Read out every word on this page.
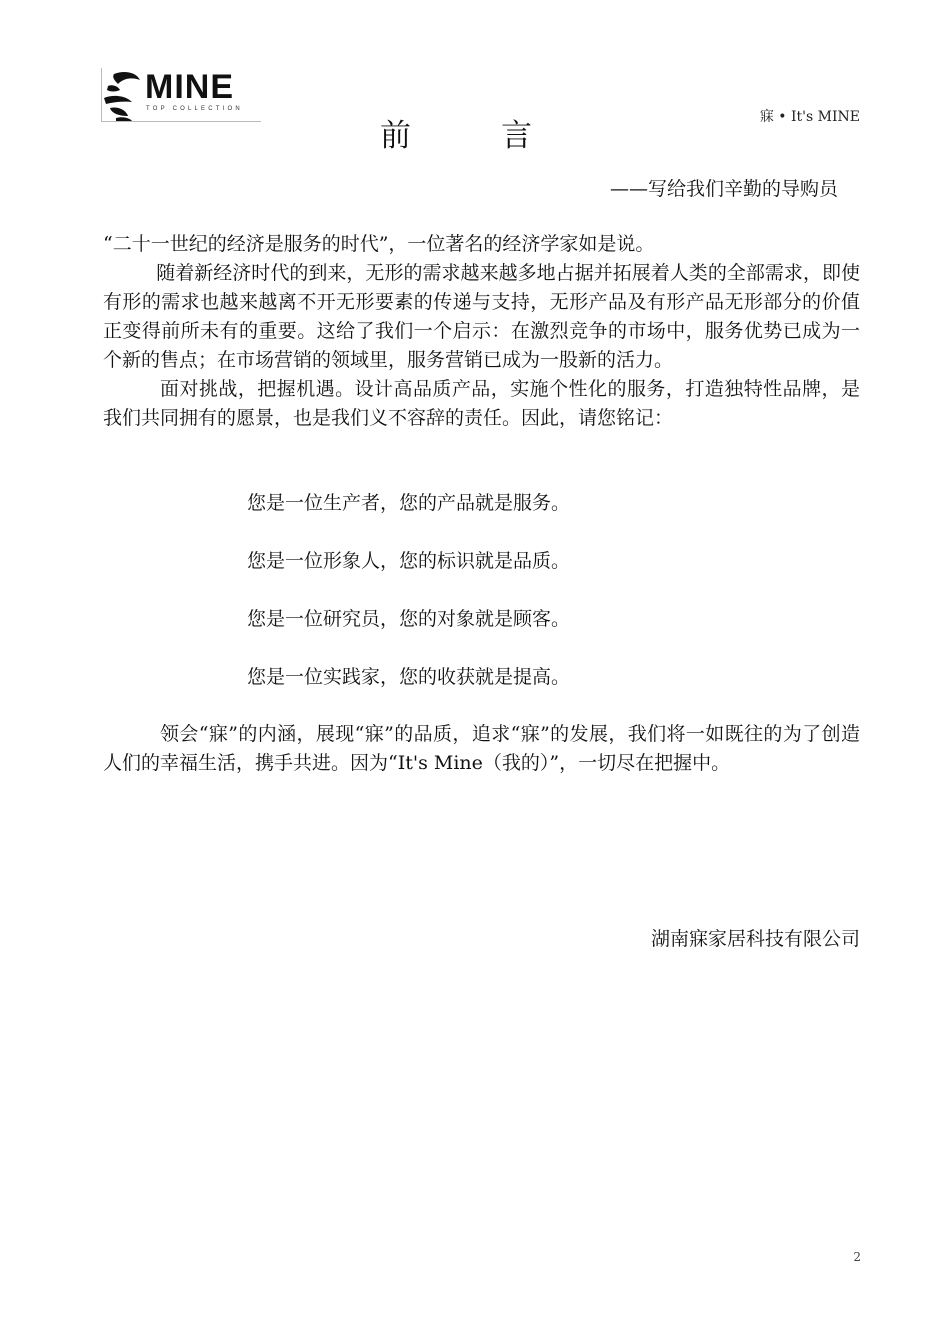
MINE
TOP COLLECTION	寐 • It's MINE
前言
——写给我们辛勤的导购员

“二十一世纪的经济是服务的时代”，一位著名的经济学家如是说。

随着新经济时代的到来，无形的需求越来越多地占据并拓展着人类的全部需求，即使有形的需求也越来越离不开无形要素的传递与支持，无形产品及有形产品无形部分的价值正变得前所未有的重要。这给了我们一个启示：在激烈竞争的市场中，服务优势已成为一个新的售点；在市场营销的领域里，服务营销已成为一股新的活力。

面对挑战，把握机遇。设计高品质产品，实施个性化的服务，打造独特性品牌，是我们共同拥有的愿景，也是我们义不容辞的责任。因此，请您铭记：

您是一位生产者，您的产品就是服务。
您是一位形象人，您的标识就是品质。
您是一位研究员，您的对象就是顾客。
您是一位实践家，您的收获就是提高。

领会“寐”的内涵，展现“寐”的品质，追求“寐”的发展，我们将一如既往的为了创造人们的幸福生活，携手共进。因为“It's Mine（我的）”，一切尽在把握中。

湖南寐家居科技有限公司
2
